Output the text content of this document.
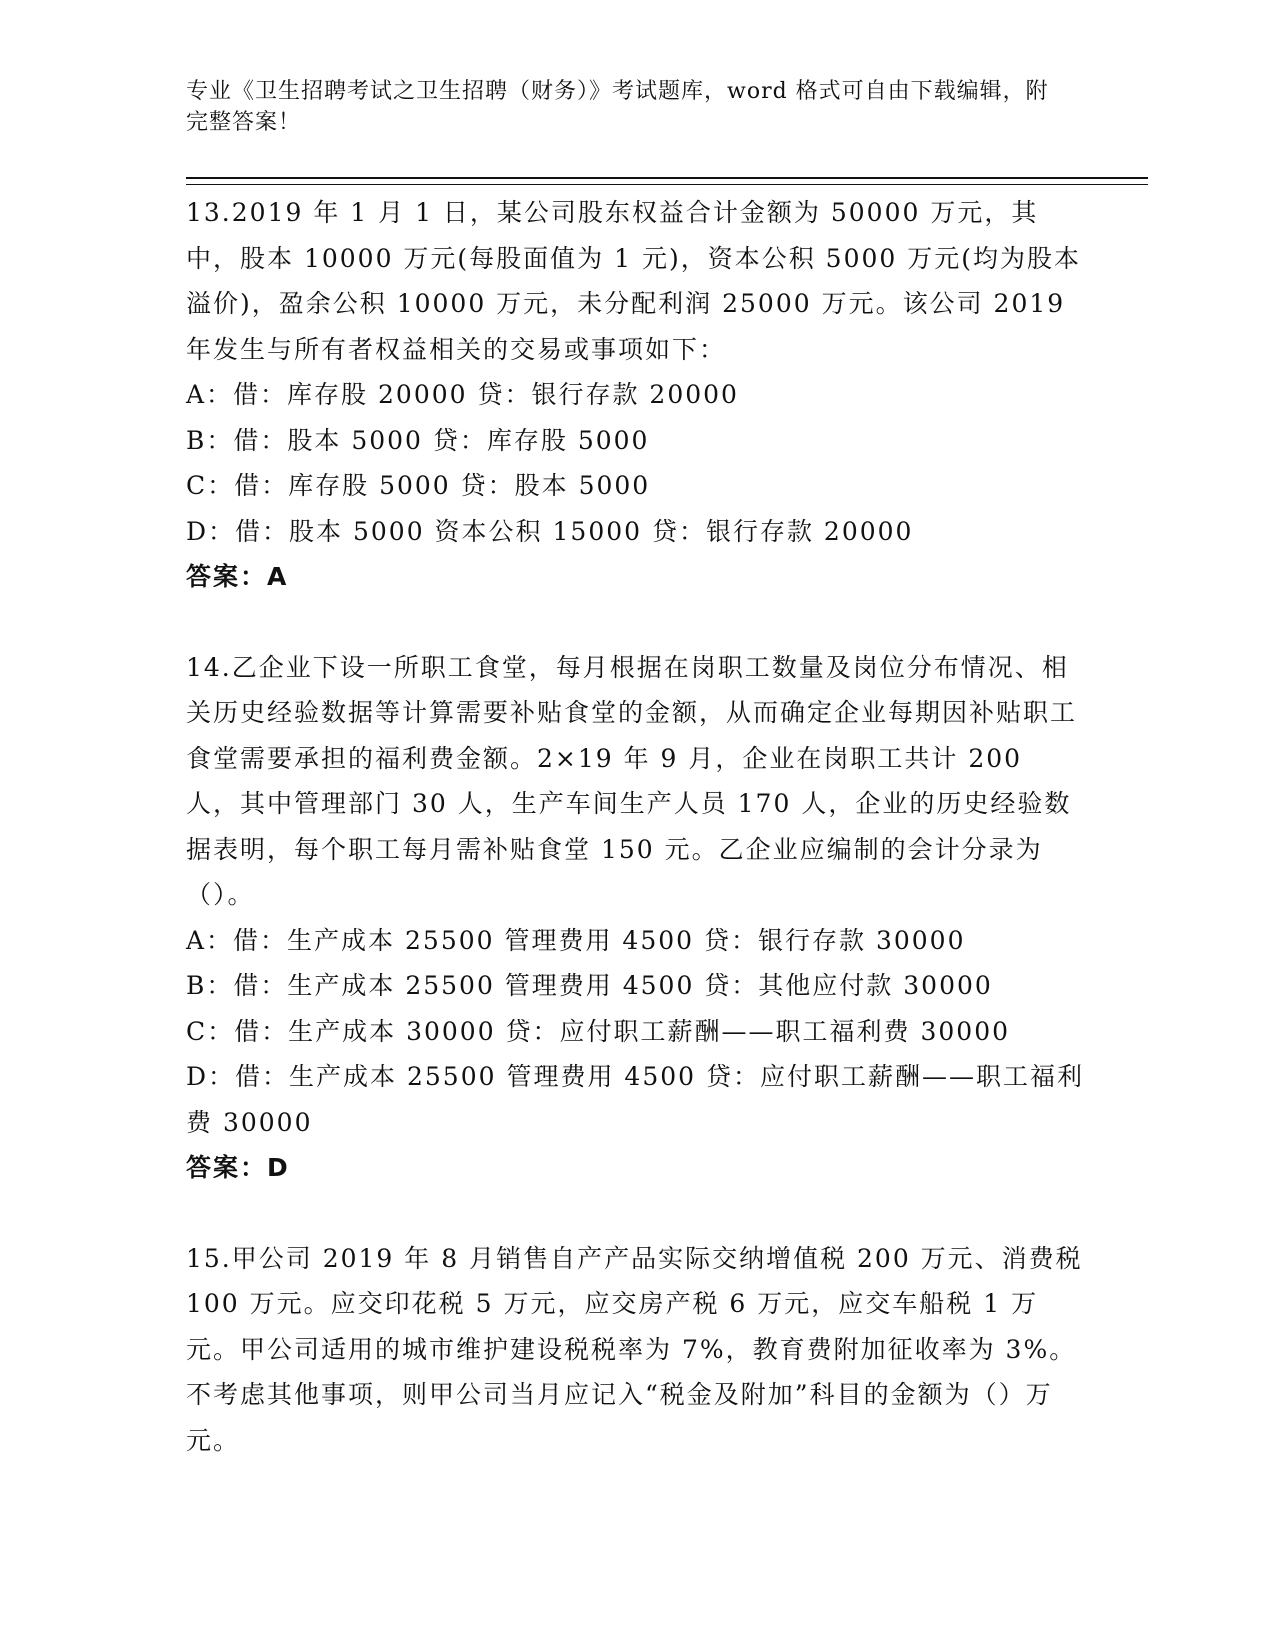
专业《卫生招聘考试之卫生招聘（财务）》考试题库，word 格式可自由下载编辑，附完整答案！

13.2019 年 1 月 1 日，某公司股东权益合计金额为 50000 万元，其中，股本 10000 万元(每股面值为 1 元)，资本公积 5000 万元(均为股本溢价)，盈余公积 10000 万元，未分配利润 25000 万元。该公司 2019 年发生与所有者权益相关的交易或事项如下：

A：借：库存股 20000 贷：银行存款 20000

B：借：股本 5000 贷：库存股 5000

C：借：库存股 5000 贷：股本 5000

D：借：股本 5000 资本公积 15000 贷：银行存款 20000

答案：A

14.乙企业下设一所职工食堂，每月根据在岗职工数量及岗位分布情况、相关历史经验数据等计算需要补贴食堂的金额，从而确定企业每期因补贴职工食堂需要承担的福利费金额。2×19 年 9 月，企业在岗职工共计 200 人，其中管理部门 30 人，生产车间生产人员 170 人，企业的历史经验数据表明，每个职工每月需补贴食堂 150 元。乙企业应编制的会计分录为（）。

A：借：生产成本 25500 管理费用 4500 贷：银行存款 30000

B：借：生产成本 25500 管理费用 4500 贷：其他应付款 30000

C：借：生产成本 30000 贷：应付职工薪酬——职工福利费 30000

D：借：生产成本 25500 管理费用 4500 贷：应付职工薪酬——职工福利费 30000

答案：D

15.甲公司 2019 年 8 月销售自产产品实际交纳增值税 200 万元、消费税 100 万元。应交印花税 5 万元，应交房产税 6 万元，应交车船税 1 万元。甲公司适用的城市维护建设税税率为 7%，教育费附加征收率为 3%。不考虑其他事项，则甲公司当月应记入“税金及附加”科目的金额为（）万元。
